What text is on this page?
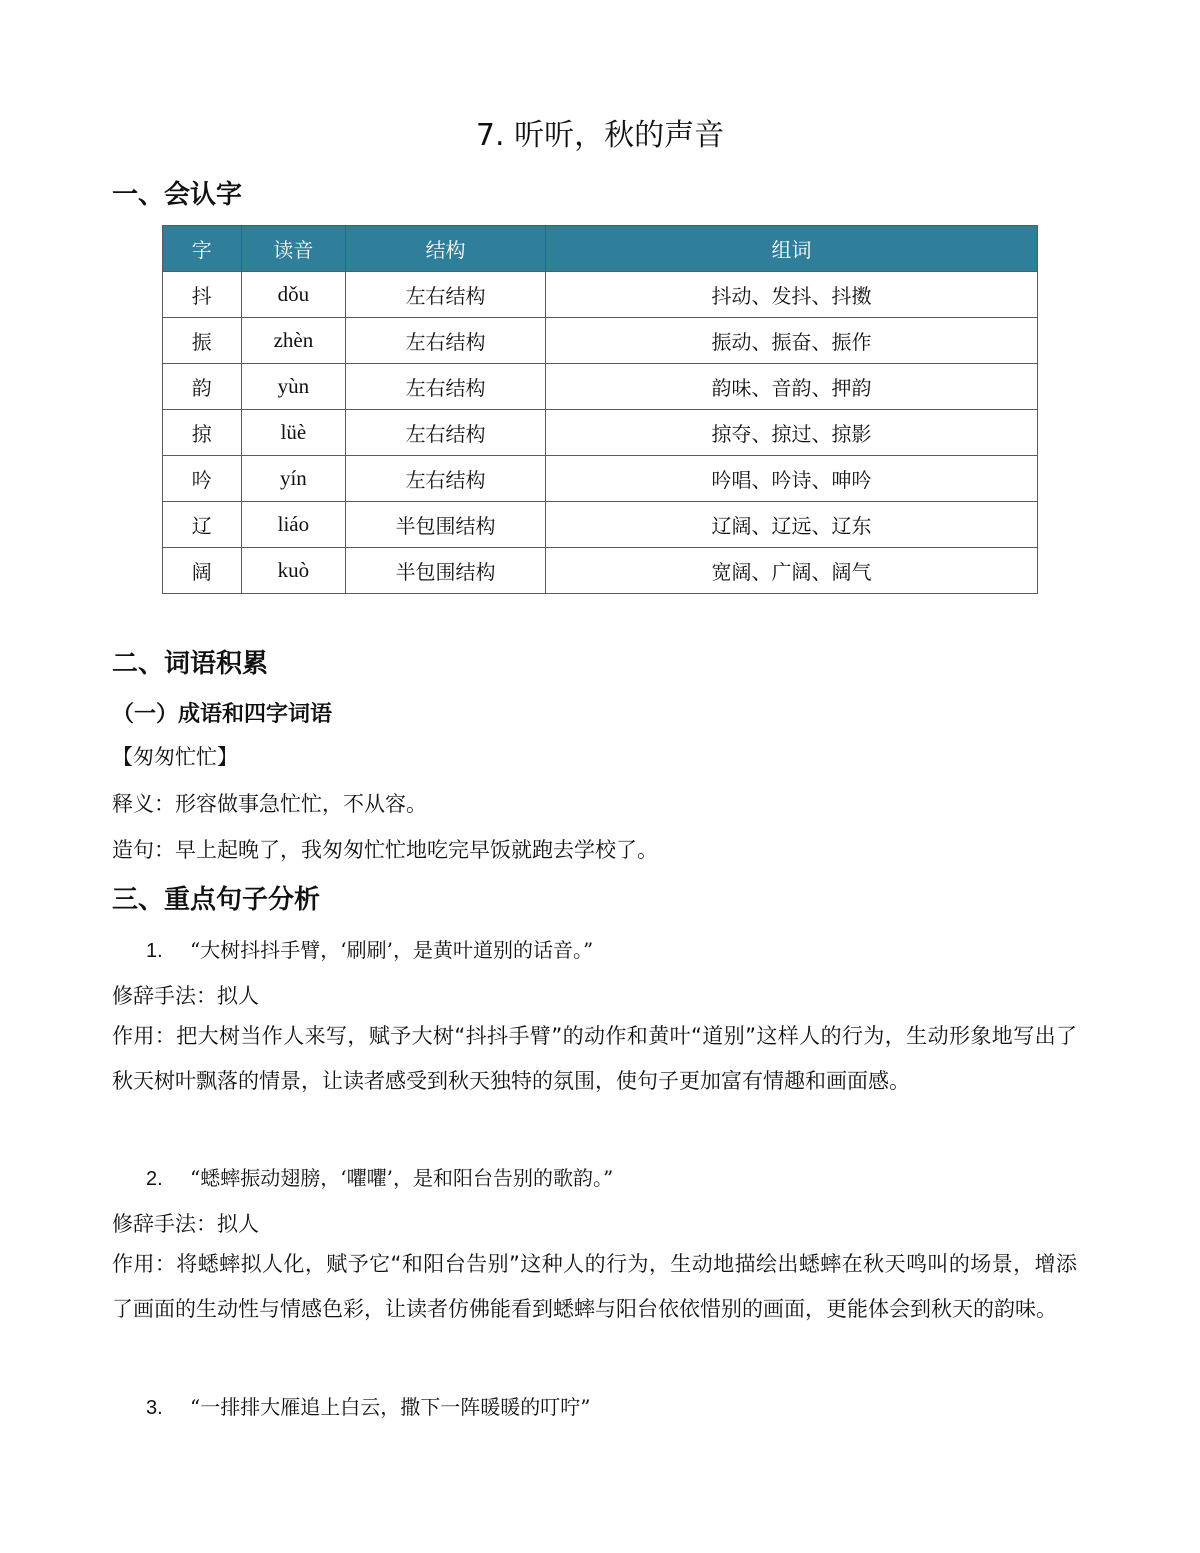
7. 听听，秋的声音
一、会认字
字	读音	结构	组词
抖	dǒu	左右结构	抖动、发抖、抖擞
振	zhèn	左右结构	振动、振奋、振作
韵	yùn	左右结构	韵味、音韵、押韵
掠	lüè	左右结构	掠夺、掠过、掠影
吟	yín	左右结构	吟唱、吟诗、呻吟
辽	liáo	半包围结构	辽阔、辽远、辽东
阔	kuò	半包围结构	宽阔、广阔、阔气
二、词语积累
（一）成语和四字词语

【匆匆忙忙】

释义：形容做事急忙忙，不从容。

造句：早上起晚了，我匆匆忙忙地吃完早饭就跑去学校了。

三、重点句子分析

1. “大树抖抖手臂，‘刷刷’，是黄叶道别的话音。”

修辞手法：拟人

作用：把大树当作人来写，赋予大树“抖抖手臂”的动作和黄叶“道别”这样人的行为，生动形象地写出了秋天树叶飘落的情景，让读者感受到秋天独特的氛围，使句子更加富有情趣和画面感。

2. “蟋蟀振动翅膀，‘㘗㘗’，是和阳台告别的歌韵。”

修辞手法：拟人

作用：将蟋蟀拟人化，赋予它“和阳台告别”这种人的行为，生动地描绘出蟋蟀在秋天鸣叫的场景，增添了画面的生动性与情感色彩，让读者仿佛能看到蟋蟀与阳台依依惜别的画面，更能体会到秋天的韵味。

3. “一排排大雁追上白云，撒下一阵暖暖的叮咛”
